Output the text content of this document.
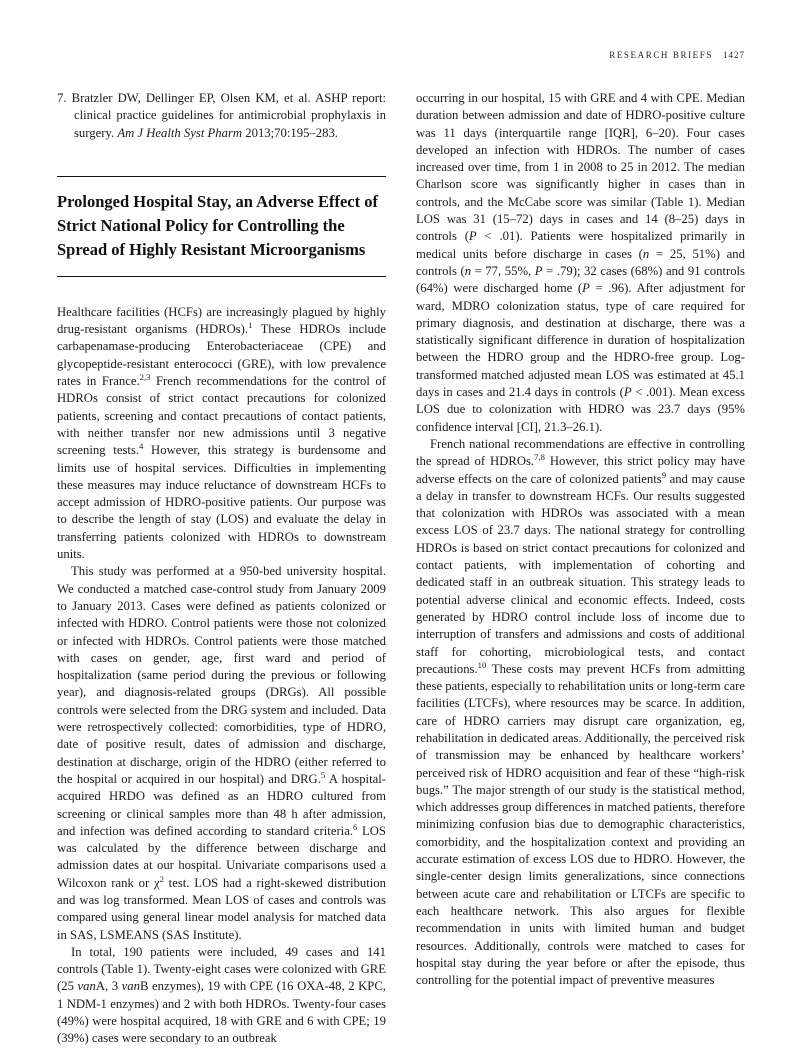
RESEARCH BRIEFS 1427

7. Bratzler DW, Dellinger EP, Olsen KM, et al. ASHP report: clinical practice guidelines for antimicrobial prophylaxis in surgery. Am J Health Syst Pharm 2013;70:195–283.

Prolonged Hospital Stay, an Adverse Effect of Strict National Policy for Controlling the Spread of Highly Resistant Microorganisms

Healthcare facilities (HCFs) are increasingly plagued by highly drug-resistant organisms (HDROs).$^1$ These HDROs include carbapenamase-producing Enterobacteriaceae (CPE) and glycopeptide-resistant enterococci (GRE), with low prevalence rates in France.$^{2,3}$ French recommendations for the control of HDROs consist of strict contact precautions for colonized patients, screening and contact precautions of contact patients, with neither transfer nor new admissions until 3 negative screening tests.$^4$ However, this strategy is burdensome and limits use of hospital services. Difficulties in implementing these measures may induce reluctance of downstream HCFs to accept admission of HDRO-positive patients. Our purpose was to describe the length of stay (LOS) and evaluate the delay in transferring patients colonized with HDROs to downstream units.

This study was performed at a 950-bed university hospital. We conducted a matched case-control study from January 2009 to January 2013. Cases were defined as patients colonized or infected with HDRO. Control patients were those not colonized or infected with HDROs. Control patients were those matched with cases on gender, age, first ward and period of hospitalization (same period during the previous or following year), and diagnosis-related groups (DRGs). All possible controls were selected from the DRG system and included. Data were retrospectively collected: comorbidities, type of HDRO, date of positive result, dates of admission and discharge, destination at discharge, origin of the HDRO (either referred to the hospital or acquired in our hospital) and DRG.$^5$ A hospital-acquired HRDO was defined as an HDRO cultured from screening or clinical samples more than 48 h after admission, and infection was defined according to standard criteria.$^6$ LOS was calculated by the difference between discharge and admission dates at our hospital. Univariate comparisons used a Wilcoxon rank or $\chi^2$ test. LOS had a right-skewed distribution and was log transformed. Mean LOS of cases and controls was compared using general linear model analysis for matched data in SAS, LSMEANS (SAS Institute).

In total, 190 patients were included, 49 cases and 141 controls (Table 1). Twenty-eight cases were colonized with GRE (25 vanA, 3 vanB enzymes), 19 with CPE (16 OXA-48, 2 KPC, 1 NDM-1 enzymes) and 2 with both HDROs. Twenty-four cases (49%) were hospital acquired, 18 with GRE and 6 with CPE; 19 (39%) cases were secondary to an outbreak

occurring in our hospital, 15 with GRE and 4 with CPE. Median duration between admission and date of HDRO-positive culture was 11 days (interquartile range [IQR], 6–20). Four cases developed an infection with HDROs. The number of cases increased over time, from 1 in 2008 to 25 in 2012. The median Charlson score was significantly higher in cases than in controls, and the McCabe score was similar (Table 1). Median LOS was 31 (15–72) days in cases and 14 (8–25) days in controls (P < .01). Patients were hospitalized primarily in medical units before discharge in cases (n = 25, 51%) and controls (n = 77, 55%, P = .79); 32 cases (68%) and 91 controls (64%) were discharged home (P = .96). After adjustment for ward, MDRO colonization status, type of care required for primary diagnosis, and destination at discharge, there was a statistically significant difference in duration of hospitalization between the HDRO group and the HDRO-free group. Log-transformed matched adjusted mean LOS was estimated at 45.1 days in cases and 21.4 days in controls (P < .001). Mean excess LOS due to colonization with HDRO was 23.7 days (95% confidence interval [CI], 21.3–26.1).

French national recommendations are effective in controlling the spread of HDROs.$^{7,8}$ However, this strict policy may have adverse effects on the care of colonized patients$^9$ and may cause a delay in transfer to downstream HCFs. Our results suggested that colonization with HDROs was associated with a mean excess LOS of 23.7 days. The national strategy for controlling HDROs is based on strict contact precautions for colonized and contact patients, with implementation of cohorting and dedicated staff in an outbreak situation. This strategy leads to potential adverse clinical and economic effects. Indeed, costs generated by HDRO control include loss of income due to interruption of transfers and admissions and costs of additional staff for cohorting, microbiological tests, and contact precautions.$^{10}$ These costs may prevent HCFs from admitting these patients, especially to rehabilitation units or long-term care facilities (LTCFs), where resources may be scarce. In addition, care of HDRO carriers may disrupt care organization, eg, rehabilitation in dedicated areas. Additionally, the perceived risk of transmission may be enhanced by healthcare workers’ perceived risk of HDRO acquisition and fear of these “high-risk bugs.” The major strength of our study is the statistical method, which addresses group differences in matched patients, therefore minimizing confusion bias due to demographic characteristics, comorbidity, and the hospitalization context and providing an accurate estimation of excess LOS due to HDRO. However, the single-center design limits generalizations, since connections between acute care and rehabilitation or LTCFs are specific to each healthcare network. This also argues for flexible recommendation in units with limited human and budget resources. Additionally, controls were matched to cases for hospital stay during the year before or after the episode, thus controlling for the potential impact of preventive measures
